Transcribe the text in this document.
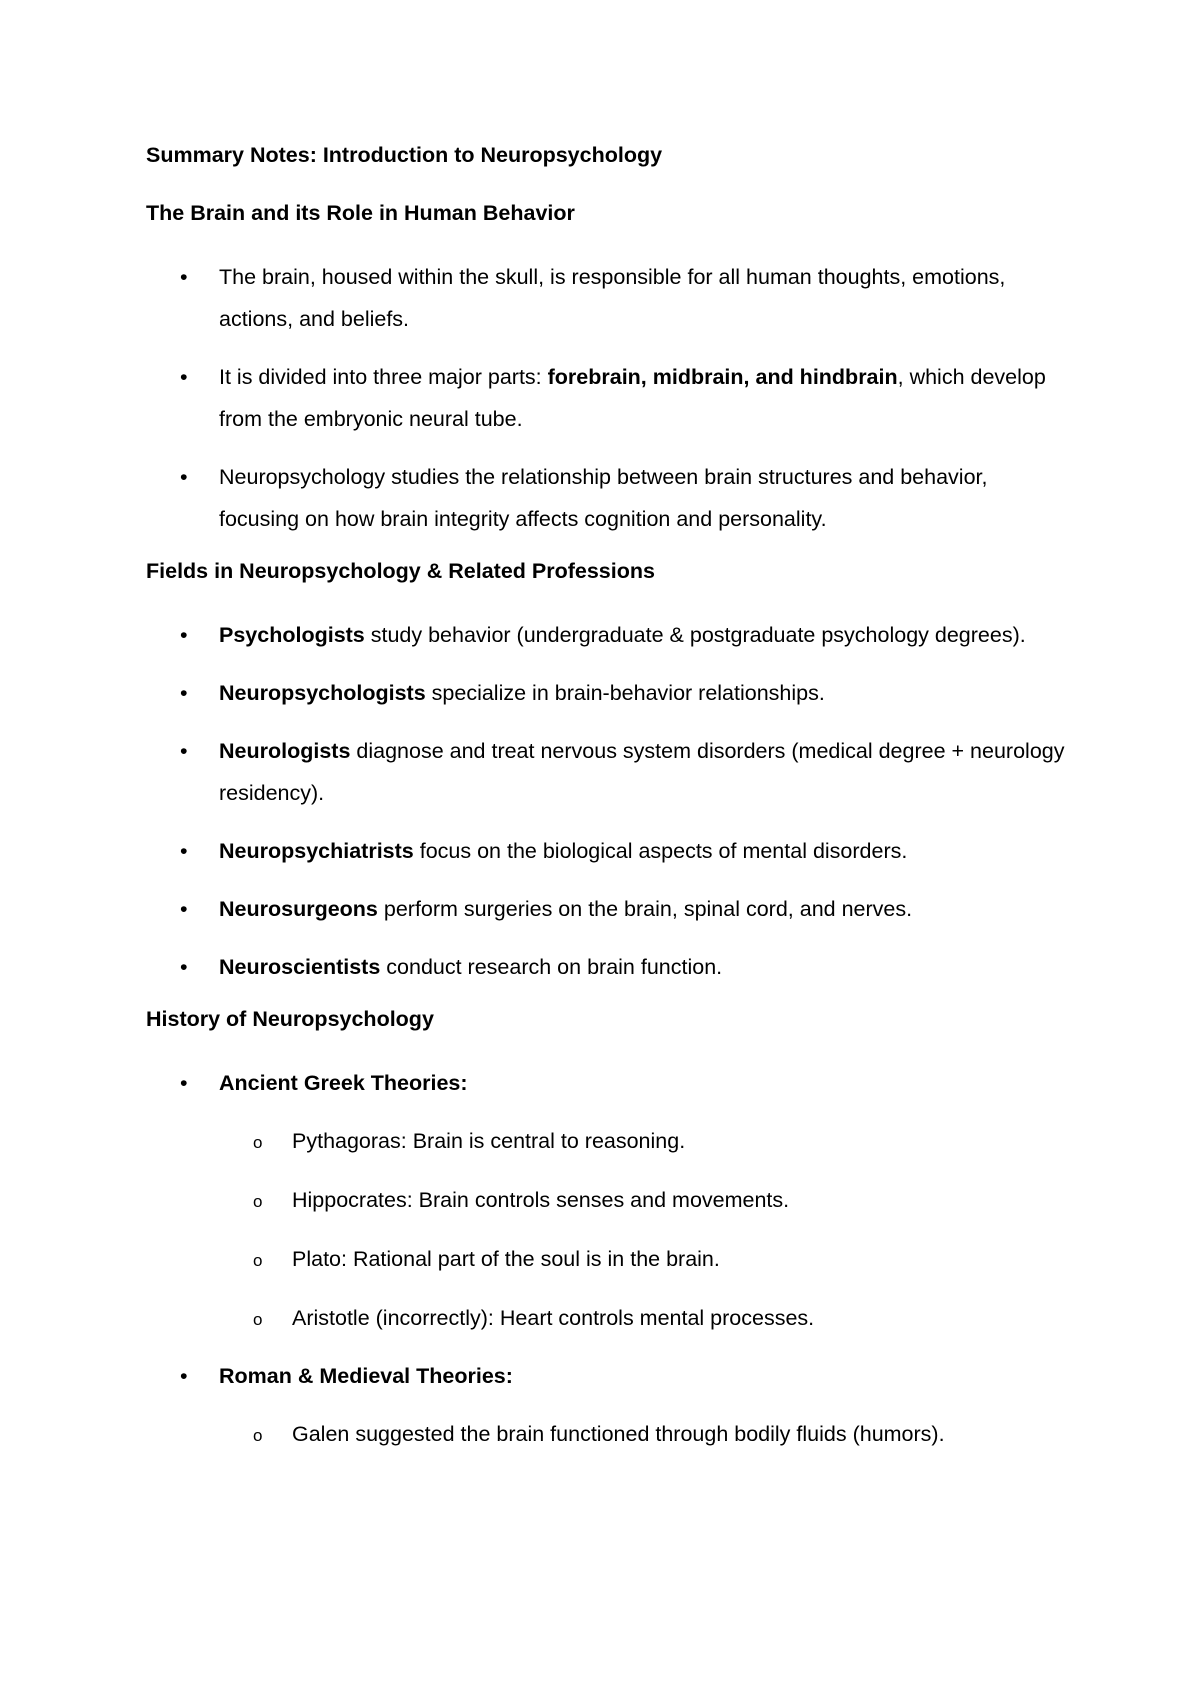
Summary Notes: Introduction to Neuropsychology

The Brain and its Role in Human Behavior

• The brain, housed within the skull, is responsible for all human thoughts, emotions, actions, and beliefs.
• It is divided into three major parts: forebrain, midbrain, and hindbrain, which develop from the embryonic neural tube.
• Neuropsychology studies the relationship between brain structures and behavior, focusing on how brain integrity affects cognition and personality.

Fields in Neuropsychology & Related Professions

• Psychologists study behavior (undergraduate & postgraduate psychology degrees).
• Neuropsychologists specialize in brain-behavior relationships.
• Neurologists diagnose and treat nervous system disorders (medical degree + neurology residency).
• Neuropsychiatrists focus on the biological aspects of mental disorders.
• Neurosurgeons perform surgeries on the brain, spinal cord, and nerves.
• Neuroscientists conduct research on brain function.

History of Neuropsychology

• Ancient Greek Theories:
o Pythagoras: Brain is central to reasoning.
o Hippocrates: Brain controls senses and movements.
o Plato: Rational part of the soul is in the brain.
o Aristotle (incorrectly): Heart controls mental processes.
• Roman & Medieval Theories:
o Galen suggested the brain functioned through bodily fluids (humors).
